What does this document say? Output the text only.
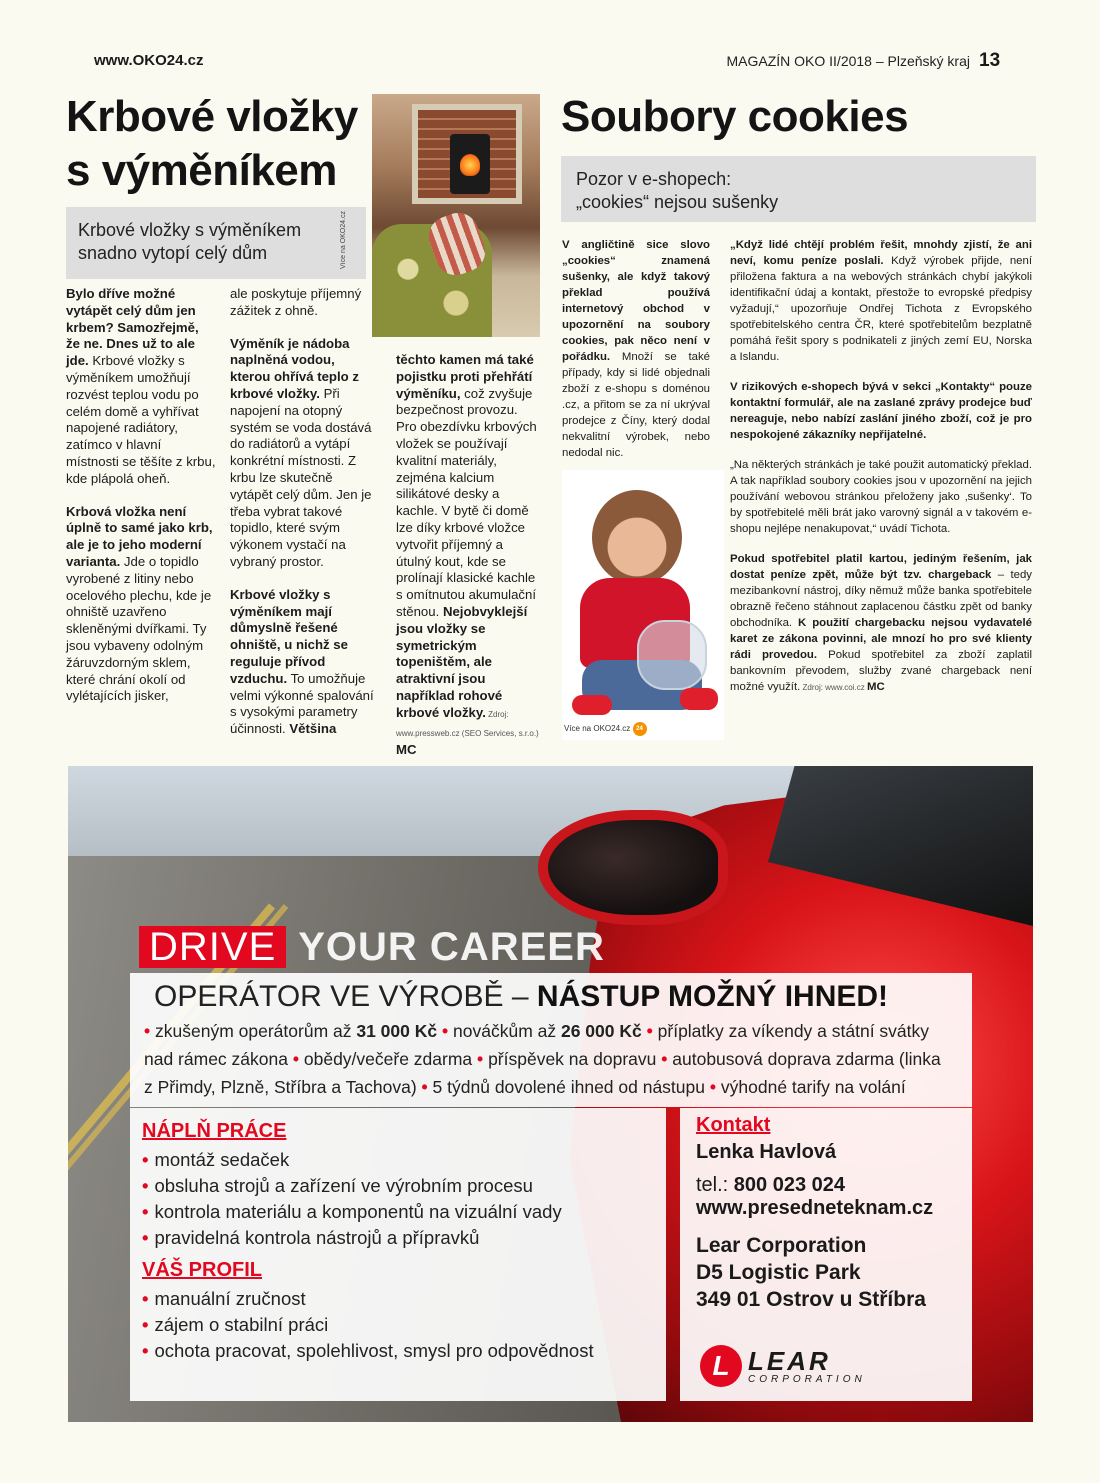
www.OKO24.cz	MAGAZÍN OKO II/2018 – Plzeňský kraj 13
Krbové vložky
s výměníkem
Krbové vložky s výměníkem
snadno vytopí celý dům	Více na OKO24.cz

Bylo dříve možné vytápět celý dům jen krbem? Samozřejmě, že ne. Dnes už to ale jde. Krbové vložky s výměníkem umožňují rozvést teplou vodu po celém domě a vyhřívat napojené radiátory, zatímco v hlavní místnosti se těšíte z krbu, kde plápolá oheň.

Krbová vložka není úplně to samé jako krb, ale je to jeho moderní varianta. Jde o topidlo vyrobené z litiny nebo ocelového plechu, kde je ohniště uzavřeno skleněnými dvířkami. Ty jsou vybaveny odolným žáruvzdorným sklem, které chrání okolí od vylétajících jisker,

ale poskytuje příjemný zážitek z ohně.

Výměník je nádoba naplněná vodou, kterou ohřívá teplo z krbové vložky. Při napojení na otopný systém se voda dostává do radiátorů a vytápí konkrétní místnosti. Z krbu lze skutečně vytápět celý dům. Jen je třeba vybrat takové topidlo, které svým výkonem vystačí na vybraný prostor.

Krbové vložky s výměníkem mají důmyslně řešené ohniště, u nichž se reguluje přívod vzduchu. To umožňuje velmi výkonné spalování s vysokými parametry účinnosti. Většina

těchto kamen má také pojistku proti přehřátí výměníku, což zvyšuje bezpečnost provozu. Pro obezdívku krbových vložek se používají kvalitní materiály, zejména kalcium silikátové desky a kachle. V bytě či domě lze díky krbové vložce vytvořit příjemný a útulný kout, kde se prolínají klasické kachle s omítnutou akumulační stěnou. Nejobvyklejší jsou vložky se symetrickým topeništěm, ale atraktivní jsou například rohové krbové vložky. Zdroj: www.pressweb.cz (SEO Services, s.r.o.) MC

Soubory cookies
Pozor v e-shopech:
„cookies“ nejsou sušenky

V angličtině sice slovo „cookies“ znamená sušenky, ale když takový překlad používá internetový obchod v upozornění na soubory cookies, pak něco není v pořádku. Množí se také případy, kdy si lidé objednali zboží z e-shopu s doménou .cz, a přitom se za ní ukrýval prodejce z Číny, který dodal nekvalitní výrobek, nebo nedodal nic.

Více na OKO24.cz 24

„Když lidé chtějí problém řešit, mnohdy zjistí, že ani neví, komu peníze poslali. Když výrobek přijde, není přiložena faktura a na webových stránkách chybí jakýkoli identifikační údaj a kontakt, přestože to evropské předpisy vyžadují,“ upozorňuje Ondřej Tichota z Evropského spotřebitelského centra ČR, které spotřebitelům bezplatně pomáhá řešit spory s podnikateli z jiných zemí EU, Norska a Islandu.

V rizikových e-shopech bývá v sekci „Kontakty“ pouze kontaktní formulář, ale na zaslané zprávy prodejce buď nereaguje, nebo nabízí zaslání jiného zboží, což je pro nespokojené zákazníky nepřijatelné.

„Na některých stránkách je také použit automatický překlad. A tak například soubory cookies jsou v upozornění na jejich používání webovou stránkou přeloženy jako ‚sušenky‘. To by spotřebitelé měli brát jako varovný signál a v takovém e-shopu nejlépe nenakupovat,“ uvádí Tichota.

Pokud spotřebitel platil kartou, jediným řešením, jak dostat peníze zpět, může být tzv. chargeback – tedy mezibankovní nástroj, díky němuž může banka spotřebitele obrazně řečeno stáhnout zaplacenou částku zpět od banky obchodníka. K použití chargebacku nejsou vydavatelé karet ze zákona povinni, ale mnozí ho pro své klienty rádi provedou. Pokud spotřebitel za zboží zaplatil bankovním převodem, služby zvané chargeback není možné využít. Zdroj: www.coi.cz MC

DRIVE YOUR CAREER
OPERÁTOR VE VÝROBĚ – NÁSTUP MOŽNÝ IHNED!
• zkušeným operátorům až 31 000 Kč • nováčkům až 26 000 Kč • příplatky za víkendy a státní svátky
nad rámec zákona • obědy/večeře zdarma • příspěvek na dopravu • autobusová doprava zdarma (linka
z Přimdy, Plzně, Stříbra a Tachova) • 5 týdnů dovolené ihned od nástupu • výhodné tarify na volání
NÁPLŇ PRÁCE
• montáž sedaček
• obsluha strojů a zařízení ve výrobním procesu
• kontrola materiálu a komponentů na vizuální vady
• pravidelná kontrola nástrojů a přípravků
VÁŠ PROFIL
• manuální zručnost
• zájem o stabilní práci
• ochota pracovat, spolehlivost, smysl pro odpovědnost
Kontakt
Lenka Havlová
tel.: 800 023 024
www.presedneteknam.cz
Lear Corporation
D5 Logistic Park
349 01 Ostrov u Stříbra
L LEAR
CORPORATION
